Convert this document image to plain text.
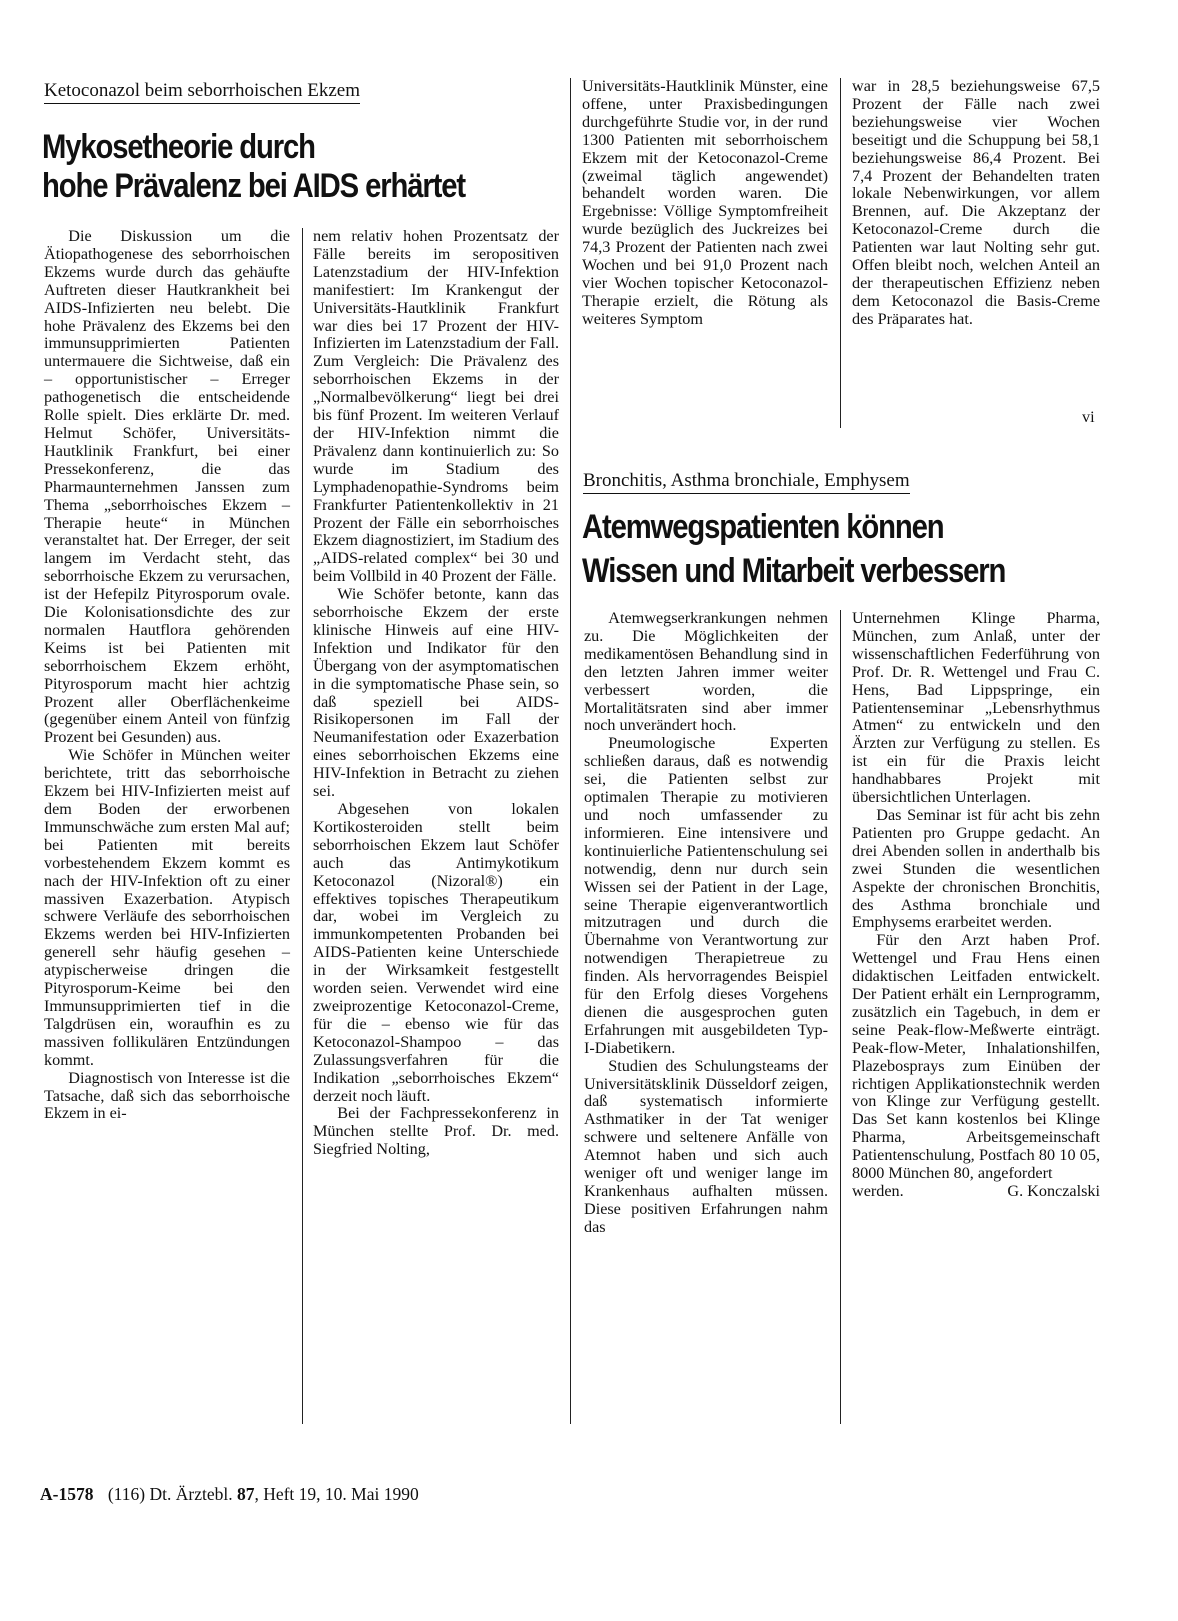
Ketoconazol beim seborrhoischen Ekzem
Mykosetheorie durch
hohe Prävalenz bei AIDS erhärtet

Die Diskussion um die Ätiopathogenese des seborrhoischen Ekzems wurde durch das gehäufte Auftreten dieser Hautkrankheit bei AIDS-Infizierten neu belebt. Die hohe Prävalenz des Ekzems bei den immunsupprimierten Patienten untermauere die Sichtweise, daß ein – opportunistischer – Erreger pathogenetisch die entscheidende Rolle spielt. Dies erklärte Dr. med. Helmut Schöfer, Universitäts-Hautklinik Frankfurt, bei einer Pressekonferenz, die das Pharmaunternehmen Janssen zum Thema „seborrhoisches Ekzem – Therapie heute“ in München veranstaltet hat. Der Erreger, der seit langem im Verdacht steht, das seborrhoische Ekzem zu verursachen, ist der Hefepilz Pityrosporum ovale. Die Kolonisationsdichte des zur normalen Hautflora gehörenden Keims ist bei Patienten mit seborrhoischem Ekzem erhöht, Pityrosporum macht hier achtzig Prozent aller Oberflächenkeime (gegenüber einem Anteil von fünfzig Prozent bei Gesunden) aus.

Wie Schöfer in München weiter berichtete, tritt das seborrhoische Ekzem bei HIV-Infizierten meist auf dem Boden der erworbenen Immunschwäche zum ersten Mal auf; bei Patienten mit bereits vorbestehendem Ekzem kommt es nach der HIV-Infektion oft zu einer massiven Exazerbation. Atypisch schwere Verläufe des seborrhoischen Ekzems werden bei HIV-Infizierten generell sehr häufig gesehen – atypischerweise dringen die Pityrosporum-Keime bei den Immunsupprimierten tief in die Talgdrüsen ein, woraufhin es zu massiven follikulären Entzündungen kommt.

Diagnostisch von Interesse ist die Tatsache, daß sich das seborrhoische Ekzem in ei-

nem relativ hohen Prozentsatz der Fälle bereits im seropositiven Latenzstadium der HIV-Infektion manifestiert: Im Krankengut der Universitäts-Hautklinik Frankfurt war dies bei 17 Prozent der HIV-Infizierten im Latenzstadium der Fall. Zum Vergleich: Die Prävalenz des seborrhoischen Ekzems in der „Normalbevölkerung“ liegt bei drei bis fünf Prozent. Im weiteren Verlauf der HIV-Infektion nimmt die Prävalenz dann kontinuierlich zu: So wurde im Stadium des Lymphadenopathie-Syndroms beim Frankfurter Patientenkollektiv in 21 Prozent der Fälle ein seborrhoisches Ekzem diagnostiziert, im Stadium des „AIDS-related complex“ bei 30 und beim Vollbild in 40 Prozent der Fälle.

Wie Schöfer betonte, kann das seborrhoische Ekzem der erste klinische Hinweis auf eine HIV-Infektion und Indikator für den Übergang von der asymptomatischen in die symptomatische Phase sein, so daß speziell bei AIDS-Risikopersonen im Fall der Neumanifestation oder Exazerbation eines seborrhoischen Ekzems eine HIV-Infektion in Betracht zu ziehen sei.

Abgesehen von lokalen Kortikosteroiden stellt beim seborrhoischen Ekzem laut Schöfer auch das Antimykotikum Ketoconazol (Nizoral®) ein effektives topisches Therapeutikum dar, wobei im Vergleich zu immunkompetenten Probanden bei AIDS-Patienten keine Unterschiede in der Wirksamkeit festgestellt worden seien. Verwendet wird eine zweiprozentige Ketoconazol-Creme, für die – ebenso wie für das Ketoconazol-Shampoo – das Zulassungsverfahren für die Indikation „seborrhoisches Ekzem“ derzeit noch läuft.

Bei der Fachpressekonferenz in München stellte Prof. Dr. med. Siegfried Nolting,

Universitäts-Hautklinik Münster, eine offene, unter Praxisbedingungen durchgeführte Studie vor, in der rund 1300 Patienten mit seborrhoischem Ekzem mit der Ketoconazol-Creme (zweimal täglich angewendet) behandelt worden waren. Die Ergebnisse: Völlige Symptomfreiheit wurde bezüglich des Juckreizes bei 74,3 Prozent der Patienten nach zwei Wochen und bei 91,0 Prozent nach vier Wochen topischer Ketoconazol-Therapie erzielt, die Rötung als weiteres Symptom

war in 28,5 beziehungsweise 67,5 Prozent der Fälle nach zwei beziehungsweise vier Wochen beseitigt und die Schuppung bei 58,1 beziehungsweise 86,4 Prozent. Bei 7,4 Prozent der Behandelten traten lokale Nebenwirkungen, vor allem Brennen, auf. Die Akzeptanz der Ketoconazol-Creme durch die Patienten war laut Nolting sehr gut. Offen bleibt noch, welchen Anteil an der therapeutischen Effizienz neben dem Ketoconazol die Basis-Creme des Präparates hat.

vi
Bronchitis, Asthma bronchiale, Emphysem
Atemwegspatienten können
Wissen und Mitarbeit verbessern

Atemwegserkrankungen nehmen zu. Die Möglichkeiten der medikamentösen Behandlung sind in den letzten Jahren immer weiter verbessert worden, die Mortalitätsraten sind aber immer noch unverändert hoch.

Pneumologische Experten schließen daraus, daß es notwendig sei, die Patienten selbst zur optimalen Therapie zu motivieren und noch umfassender zu informieren. Eine intensivere und kontinuierliche Patientenschulung sei notwendig, denn nur durch sein Wissen sei der Patient in der Lage, seine Therapie eigenverantwortlich mitzutragen und durch die Übernahme von Verantwortung zur notwendigen Therapietreue zu finden. Als hervorragendes Beispiel für den Erfolg dieses Vorgehens dienen die ausgesprochen guten Erfahrungen mit ausgebildeten Typ-I-Diabetikern.

Studien des Schulungsteams der Universitätsklinik Düsseldorf zeigen, daß systematisch informierte Asthmatiker in der Tat weniger schwere und seltenere Anfälle von Atemnot haben und sich auch weniger oft und weniger lange im Krankenhaus aufhalten müssen. Diese positiven Erfahrungen nahm das

Unternehmen Klinge Pharma, München, zum Anlaß, unter der wissenschaftlichen Federführung von Prof. Dr. R. Wettengel und Frau C. Hens, Bad Lippspringe, ein Patientenseminar „Lebensrhythmus Atmen“ zu entwickeln und den Ärzten zur Verfügung zu stellen. Es ist ein für die Praxis leicht handhabbares Projekt mit übersichtlichen Unterlagen.

Das Seminar ist für acht bis zehn Patienten pro Gruppe gedacht. An drei Abenden sollen in anderthalb bis zwei Stunden die wesentlichen Aspekte der chronischen Bronchitis, des Asthma bronchiale und Emphysems erarbeitet werden.

Für den Arzt haben Prof. Wettengel und Frau Hens einen didaktischen Leitfaden entwickelt. Der Patient erhält ein Lernprogramm, zusätzlich ein Tagebuch, in dem er seine Peak-flow-Meßwerte einträgt. Peak-flow-Meter, Inhalationshilfen, Plazebosprays zum Einüben der richtigen Applikationstechnik werden von Klinge zur Verfügung gestellt. Das Set kann kostenlos bei Klinge Pharma, Arbeitsgemeinschaft Patientenschulung, Postfach 80 10 05, 8000 München 80, angefordert

werden.	G. Konczalski
A-1578 (116) Dt. Ärztebl. 87, Heft 19, 10. Mai 1990
